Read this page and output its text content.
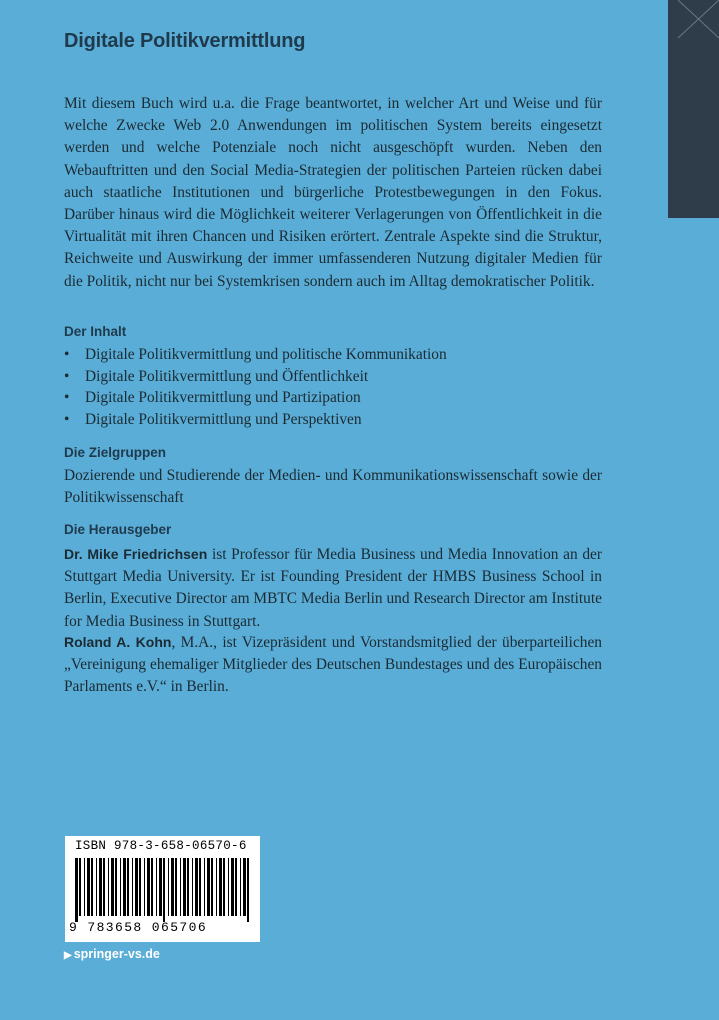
Digitale Politikvermittlung
Mit diesem Buch wird u.a. die Frage beantwortet, in welcher Art und Weise und für welche Zwecke Web 2.0 Anwendungen im politischen System bereits eingesetzt werden und welche Potenziale noch nicht ausgeschöpft wurden. Neben den Webauftritten und den Social Media-Strategien der politischen Parteien rücken dabei auch staatliche Institutionen und bürgerliche Protestbewegungen in den Fokus. Darüber hinaus wird die Möglichkeit weiterer Verlagerungen von Öffentlichkeit in die Virtualität mit ihren Chancen und Risiken erörtert. Zentrale Aspekte sind die Struktur, Reichweite und Auswirkung der immer umfassenderen Nutzung digitaler Medien für die Politik, nicht nur bei Systemkrisen sondern auch im Alltag demokratischer Politik.
Der Inhalt
• Digitale Politikvermittlung und politische Kommunikation
• Digitale Politikvermittlung und Öffentlichkeit
• Digitale Politikvermittlung und Partizipation
• Digitale Politikvermittlung und Perspektiven
Die Zielgruppen
Dozierende und Studierende der Medien- und Kommunikationswissenschaft sowie der Politikwissenschaft
Die Herausgeber
Dr. Mike Friedrichsen ist Professor für Media Business und Media Innovation an der Stuttgart Media University. Er ist Founding President der HMBS Business School in Berlin, Executive Director am MBTC Media Berlin und Research Director am Institute for Media Business in Stuttgart.
Roland A. Kohn, M.A., ist Vizepräsident und Vorstandsmitglied der überparteilichen „Vereinigung ehemaliger Mitglieder des Deutschen Bundestages und des Europäischen Parlaments e.V.“ in Berlin.
ISBN 978-3-658-06570-6
9 783658 065706
▶ springer-vs.de
